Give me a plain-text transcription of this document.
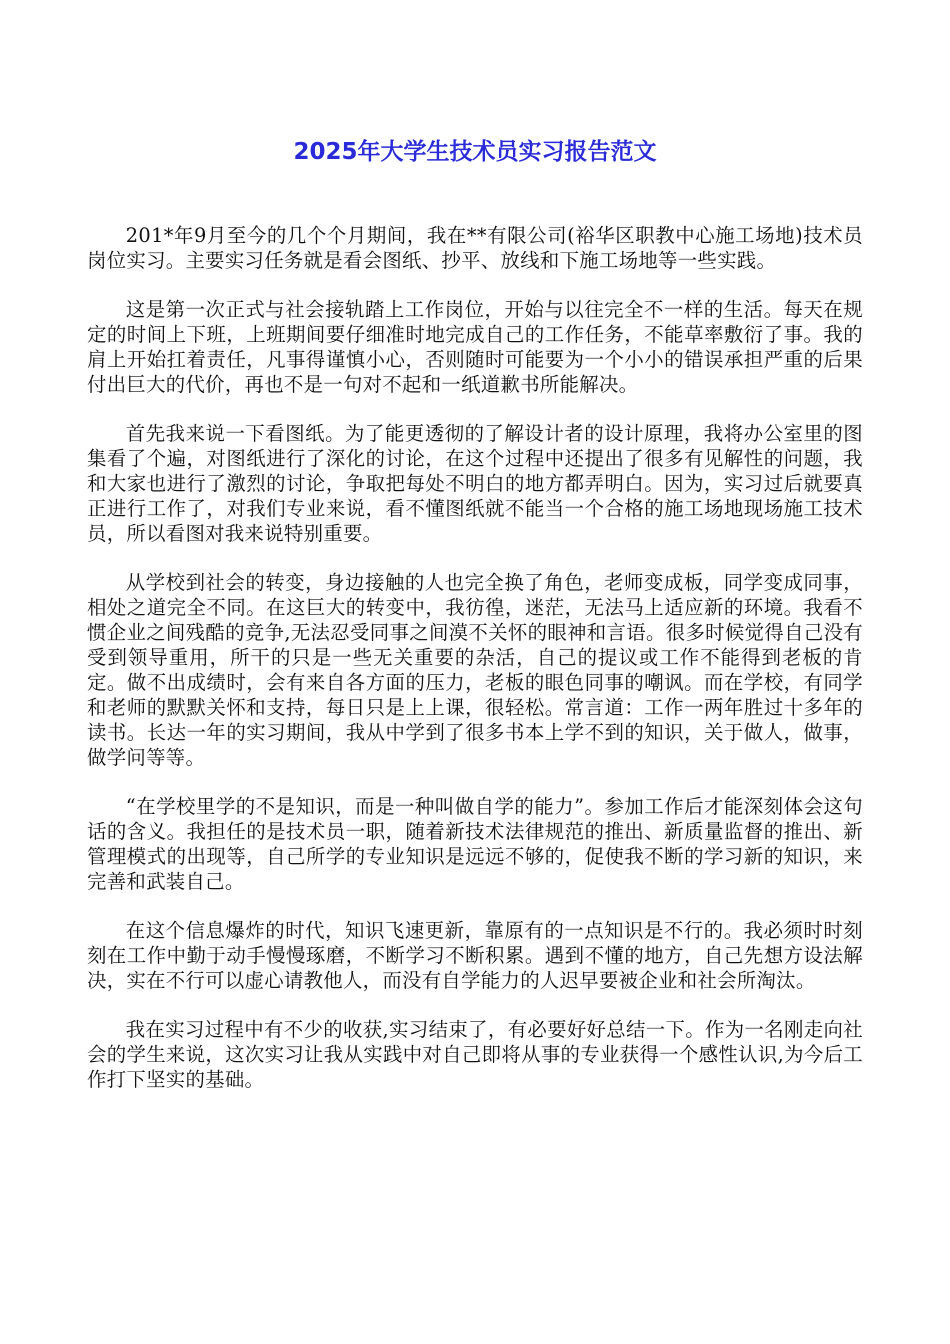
2025年大学生技术员实习报告范文

201*年9月至今的几个个月期间，我在**有限公司(裕华区职教中心施工场地)技术员岗位实习。主要实习任务就是看会图纸、抄平、放线和下施工场地等一些实践。

这是第一次正式与社会接轨踏上工作岗位，开始与以往完全不一样的生活。每天在规定的时间上下班，上班期间要仔细准时地完成自己的工作任务，不能草率敷衍了事。我的肩上开始扛着责任，凡事得谨慎小心，否则随时可能要为一个小小的错误承担严重的后果付出巨大的代价，再也不是一句对不起和一纸道歉书所能解决。

首先我来说一下看图纸。为了能更透彻的了解设计者的设计原理，我将办公室里的图集看了个遍，对图纸进行了深化的讨论，在这个过程中还提出了很多有见解性的问题，我和大家也进行了激烈的讨论，争取把每处不明白的地方都弄明白。因为，实习过后就要真正进行工作了，对我们专业来说，看不懂图纸就不能当一个合格的施工场地现场施工技术员，所以看图对我来说特别重要。

从学校到社会的转变，身边接触的人也完全换了角色，老师变成板，同学变成同事，相处之道完全不同。在这巨大的转变中，我彷徨，迷茫，无法马上适应新的环境。我看不惯企业之间残酷的竞争,无法忍受同事之间漠不关怀的眼神和言语。很多时候觉得自己没有受到领导重用，所干的只是一些无关重要的杂活，自己的提议或工作不能得到老板的肯定。做不出成绩时，会有来自各方面的压力，老板的眼色同事的嘲讽。而在学校，有同学和老师的默默关怀和支持，每日只是上上课，很轻松。常言道：工作一两年胜过十多年的读书。长达一年的实习期间，我从中学到了很多书本上学不到的知识，关于做人，做事，做学问等等。

“在学校里学的不是知识，而是一种叫做自学的能力”。参加工作后才能深刻体会这句话的含义。我担任的是技术员一职，随着新技术法律规范的推出、新质量监督的推出、新管理模式的出现等，自己所学的专业知识是远远不够的，促使我不断的学习新的知识，来完善和武装自己。

在这个信息爆炸的时代，知识飞速更新，靠原有的一点知识是不行的。我必须时时刻刻在工作中勤于动手慢慢琢磨，不断学习不断积累。遇到不懂的地方，自己先想方设法解决，实在不行可以虚心请教他人，而没有自学能力的人迟早要被企业和社会所淘汰。

我在实习过程中有不少的收获,实习结束了，有必要好好总结一下。作为一名刚走向社会的学生来说，这次实习让我从实践中对自己即将从事的专业获得一个感性认识,为今后工作打下坚实的基础。
